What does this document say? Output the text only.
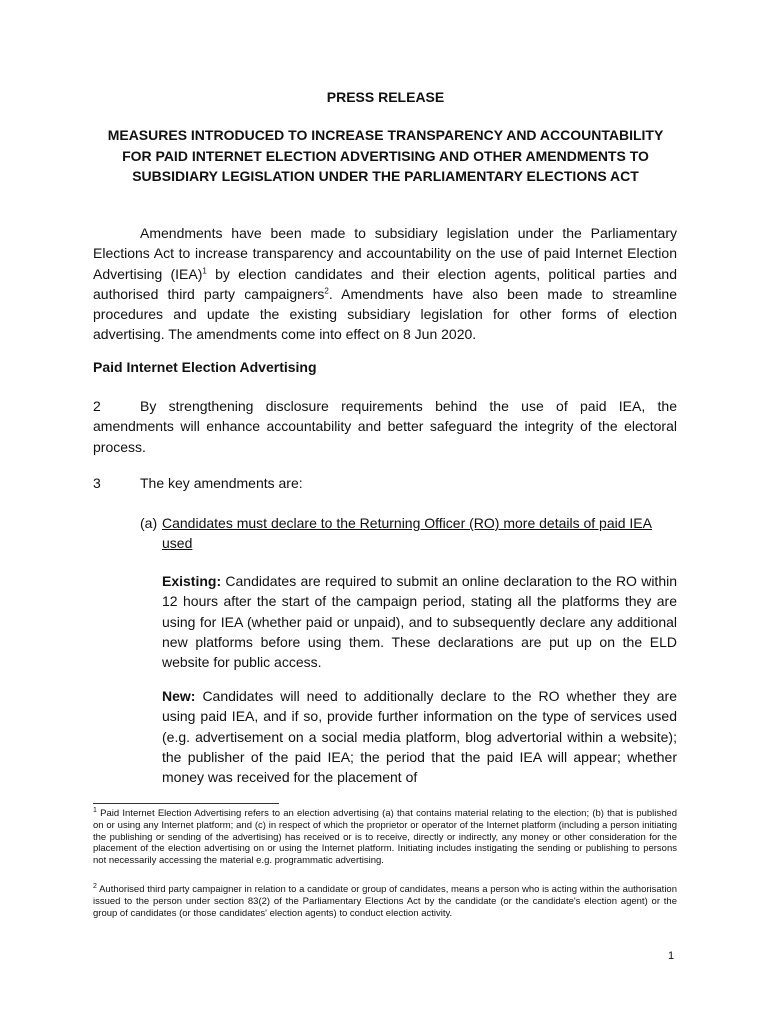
PRESS RELEASE
MEASURES INTRODUCED TO INCREASE TRANSPARENCY AND ACCOUNTABILITY FOR PAID INTERNET ELECTION ADVERTISING AND OTHER AMENDMENTS TO SUBSIDIARY LEGISLATION UNDER THE PARLIAMENTARY ELECTIONS ACT
Amendments have been made to subsidiary legislation under the Parliamentary Elections Act to increase transparency and accountability on the use of paid Internet Election Advertising (IEA)$^1$ by election candidates and their election agents, political parties and authorised third party campaigners$^2$. Amendments have also been made to streamline procedures and update the existing subsidiary legislation for other forms of election advertising. The amendments come into effect on 8 Jun 2020.
Paid Internet Election Advertising
2	By strengthening disclosure requirements behind the use of paid IEA, the amendments will enhance accountability and better safeguard the integrity of the electoral process.
3	The key amendments are:
(a) Candidates must declare to the Returning Officer (RO) more details of paid IEA used
Existing: Candidates are required to submit an online declaration to the RO within 12 hours after the start of the campaign period, stating all the platforms they are using for IEA (whether paid or unpaid), and to subsequently declare any additional new platforms before using them. These declarations are put up on the ELD website for public access.
New: Candidates will need to additionally declare to the RO whether they are using paid IEA, and if so, provide further information on the type of services used (e.g. advertisement on a social media platform, blog advertorial within a website); the publisher of the paid IEA; the period that the paid IEA will appear; whether money was received for the placement of
$^1$ Paid Internet Election Advertising refers to an election advertising (a) that contains material relating to the election; (b) that is published on or using any Internet platform; and (c) in respect of which the proprietor or operator of the Internet platform (including a person initiating the publishing or sending of the advertising) has received or is to receive, directly or indirectly, any money or other consideration for the placement of the election advertising on or using the Internet platform. Initiating includes instigating the sending or publishing to persons not necessarily accessing the material e.g. programmatic advertising.
$^2$ Authorised third party campaigner in relation to a candidate or group of candidates, means a person who is acting within the authorisation issued to the person under section 83(2) of the Parliamentary Elections Act by the candidate (or the candidate's election agent) or the group of candidates (or those candidates' election agents) to conduct election activity.
1
